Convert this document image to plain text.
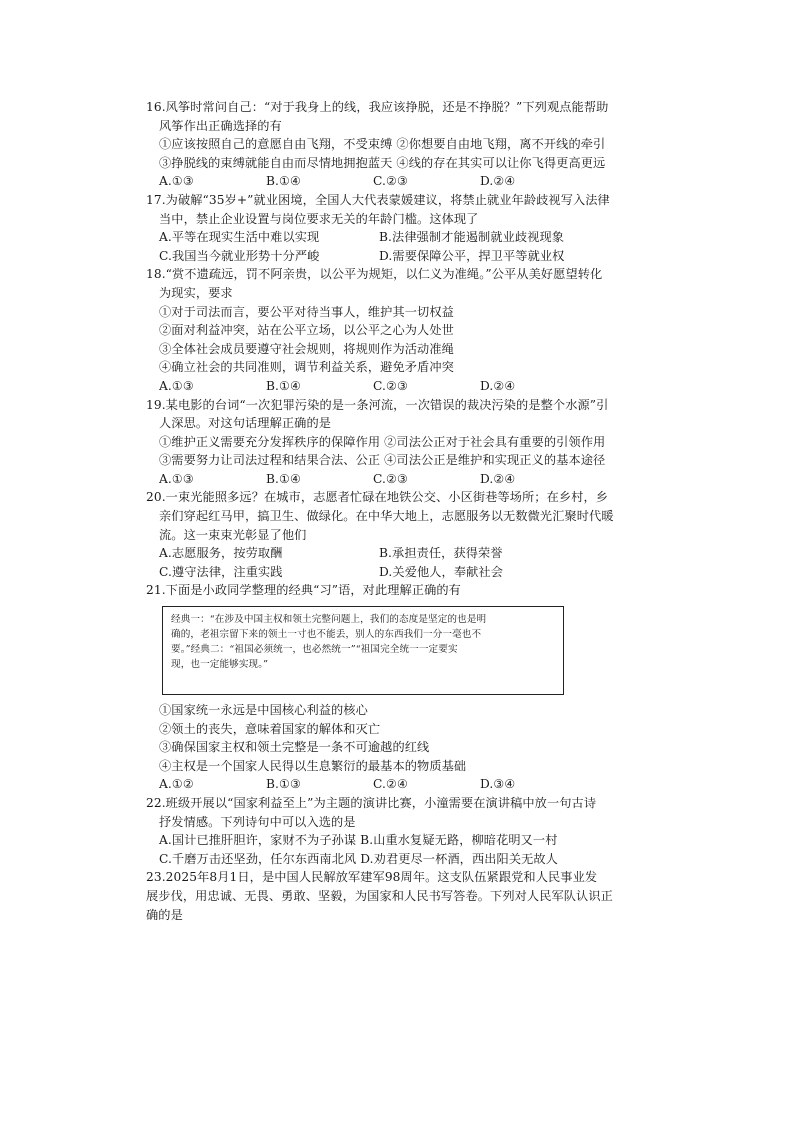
16.风筝时常问自己：“对于我身上的线，我应该挣脱，还是不挣脱？”下列观点能帮助
风筝作出正确选择的有
①应该按照自己的意愿自由飞翔，不受束缚 ②你想要自由地飞翔，离不开线的牵引
③挣脱线的束缚就能自由而尽情地拥抱蓝天 ④线的存在其实可以让你飞得更高更远
A.①③	B.①④	C.②③	D.②④
17.为破解“35岁+”就业困境，全国人大代表蒙媛建议，将禁止就业年龄歧视写入法律
当中，禁止企业设置与岗位要求无关的年龄门槛。这体现了
A.平等在现实生活中难以实现	B.法律强制才能遏制就业歧视现象
C.我国当今就业形势十分严峻	D.需要保障公平，捍卫平等就业权
18.“赏不遗疏远，罚不阿亲贵，以公平为规矩，以仁义为准绳。”公平从美好愿望转化
为现实，要求
①对于司法而言，要公平对待当事人，维护其一切权益
②面对利益冲突，站在公平立场，以公平之心为人处世
③全体社会成员要遵守社会规则，将规则作为活动准绳
④确立社会的共同准则，调节利益关系，避免矛盾冲突
A.①③	B.①④	C.②③	D.②④
19.某电影的台词“一次犯罪污染的是一条河流，一次错误的裁决污染的是整个水源”引
人深思。对这句话理解正确的是
①维护正义需要充分发挥秩序的保障作用 ②司法公正对于社会具有重要的引领作用
③需要努力让司法过程和结果合法、公正 ④司法公正是维护和实现正义的基本途径
A.①③	B.①④	C.②③	D.②④
20.一束光能照多远？在城市，志愿者忙碌在地铁公交、小区街巷等场所；在乡村，乡
亲们穿起红马甲，搞卫生、做绿化。在中华大地上，志愿服务以无数微光汇聚时代暖
流。这一束束光彰显了他们
A.志愿服务，按劳取酬	B.承担责任，获得荣誉
C.遵守法律，注重实践	D.关爱他人，奉献社会
21.下面是小政同学整理的经典“习”语，对此理解正确的有
经典一：“在涉及中国主权和领土完整问题上，我们的态度是坚定的也是明
确的，老祖宗留下来的领土一寸也不能丢，别人的东西我们一分一毫也不
要。”经典二：“祖国必须统一，也必然统一”“祖国完全统一一定要实
现，也一定能够实现。”
①国家统一永远是中国核心利益的核心
②领土的丧失，意味着国家的解体和灭亡
③确保国家主权和领土完整是一条不可逾越的红线
④主权是一个国家人民得以生息繁衍的最基本的物质基础
A.①②	B.①③	C.②④	D.③④
22.班级开展以“国家利益至上”为主题的演讲比赛，小潼需要在演讲稿中放一句古诗
抒发情感。下列诗句中可以入选的是
A.国计已推肝胆许，家财不为子孙谋 B.山重水复疑无路，柳暗花明又一村
C.千磨万击还坚劲，任尔东西南北风 D.劝君更尽一杯酒，西出阳关无故人
23.2025年8月1日，是中国人民解放军建军98周年。这支队伍紧跟党和人民事业发
展步伐，用忠诚、无畏、勇敢、坚毅，为国家和人民书写答卷。下列对人民军队认识正
确的是
